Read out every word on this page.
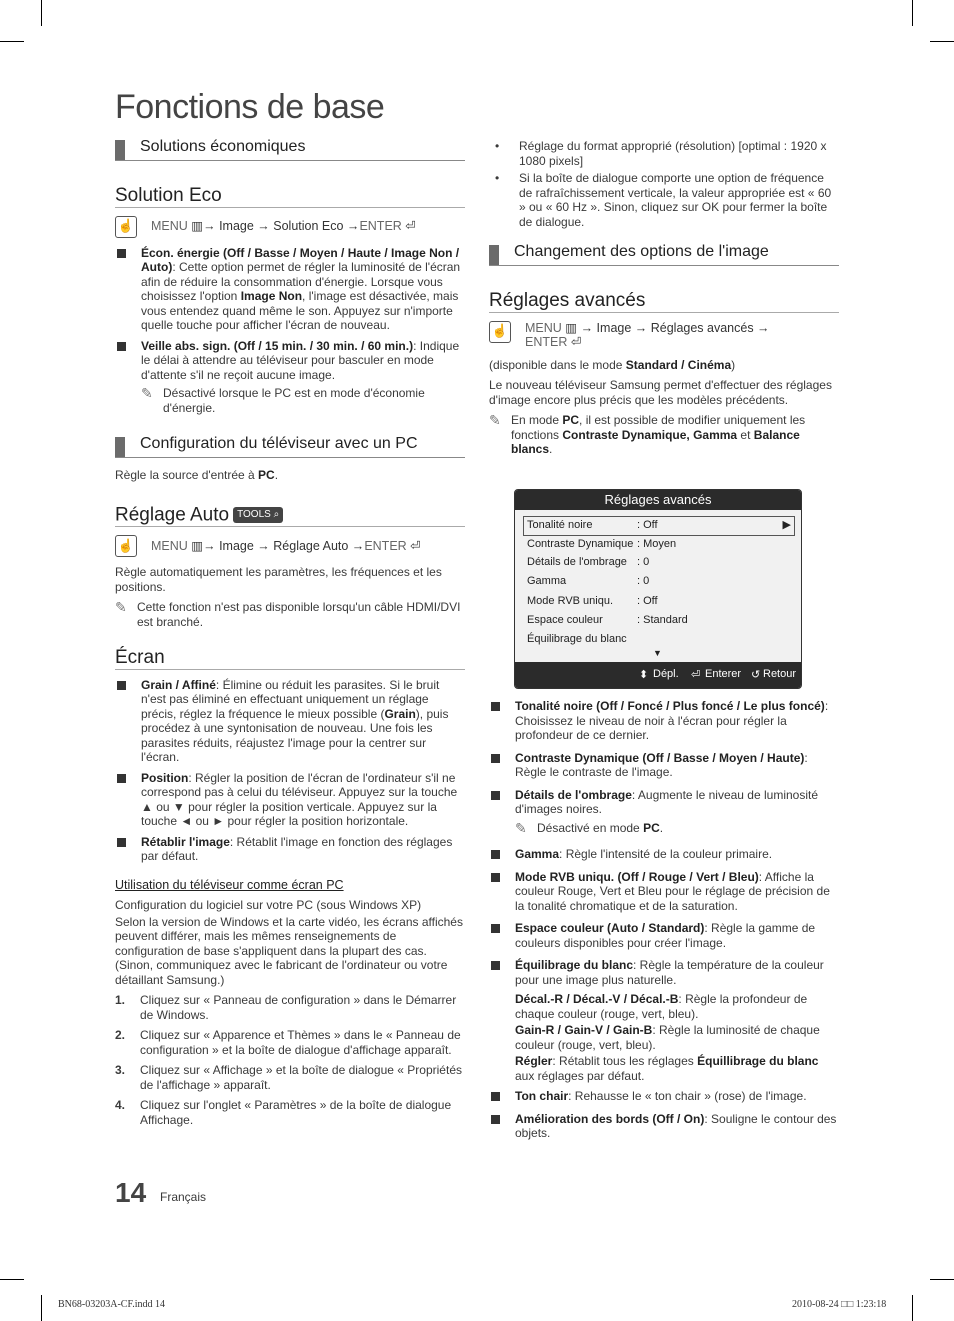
Fonctions de base
Solutions économiques
Solution Eco
☝ MENU ▥ → Image → Solution Eco → ENTER ⏎
Écon. énergie (Off / Basse / Moyen / Haute / Image Non / Auto): Cette option permet de régler la luminosité de l'écran afin de réduire la consommation d'énergie. Lorsque vous choisissez l'option Image Non, l'image est désactivée, mais vous entendez quand même le son. Appuyez sur n'importe quelle touche pour afficher l'écran de nouveau.
Veille abs. sign. (Off / 15 min. / 30 min. / 60 min.): Indique le délai à attendre au téléviseur pour basculer en mode d'attente s'il ne reçoit aucune image.
✎ Désactivé lorsque le PC est en mode d'économie d'énergie.
Configuration du téléviseur avec un PC
Règle la source d'entrée à PC.
Réglage Auto TOOLS ⌕
☝ MENU ▥ → Image → Réglage Auto → ENTER ⏎
Règle automatiquement les paramètres, les fréquences et les positions.
✎ Cette fonction n'est pas disponible lorsqu'un câble HDMI/DVI est branché.
Écran
Grain / Affiné: Élimine ou réduit les parasites. Si le bruit n'est pas éliminé en effectuant uniquement un réglage précis, réglez la fréquence le mieux possible (Grain), puis procédez à une syntonisation de nouveau. Une fois les parasites réduits, réajustez l'image pour la centrer sur l'écran.
Position: Régler la position de l'écran de l'ordinateur s'il ne correspond pas à celui du téléviseur. Appuyez sur la touche ▲ ou ▼ pour régler la position verticale. Appuyez sur la touche ◄ ou ► pour régler la position horizontale.
Rétablir l'image: Rétablit l'image en fonction des réglages par défaut.
Utilisation du téléviseur comme écran PC
Configuration du logiciel sur votre PC (sous Windows XP)
Selon la version de Windows et la carte vidéo, les écrans affichés peuvent différer, mais les mêmes renseignements de configuration de base s'appliquent dans la plupart des cas. (Sinon, communiquez avec le fabricant de l'ordinateur ou votre détaillant Samsung.)
1.	Cliquez sur « Panneau de configuration » dans le Démarrer de Windows.
2.	Cliquez sur « Apparence et Thèmes » dans le « Panneau de configuration » et la boîte de dialogue d'affichage apparaît.
3.	Cliquez sur « Affichage » et la boîte de dialogue « Propriétés de l'affichage » apparaît.
4.	Cliquez sur l'onglet « Paramètres » de la boîte de dialogue Affichage.
•	Réglage du format approprié (résolution) [optimal : 1920 x 1080 pixels]
•	Si la boîte de dialogue comporte une option de fréquence de rafraîchissement verticale, la valeur appropriée est « 60 » ou « 60 Hz ». Sinon, cliquez sur OK pour fermer la boîte de dialogue.
Changement des options de l'image
Réglages avancés
☝ MENU ▥ → Image → Réglages avancés →
ENTER ⏎
(disponible dans le mode Standard / Cinéma)
Le nouveau téléviseur Samsung permet d'effectuer des réglages d'image encore plus précis que les modèles précédents.
✎ En mode PC, il est possible de modifier uniquement les fonctions Contraste Dynamique, Gamma et Balance blancs.
Réglages avancés
Tonalité noire	: Off	▶
Contraste Dynamique : Moyen
Détails de l'ombrage : 0
Gamma	: 0
Mode RVB uniqu.	: Off
Espace couleur	: Standard
Équilibrage du blanc
▼
⬍ Dépl. ⏎ Enterer ↺ Retour
Tonalité noire (Off / Foncé / Plus foncé / Le plus foncé): Choisissez le niveau de noir à l'écran pour régler la profondeur de ce dernier.
Contraste Dynamique (Off / Basse / Moyen / Haute): Règle le contraste de l'image.
Détails de l'ombrage: Augmente le niveau de luminosité d'images noires.
✎ Désactivé en mode PC.
Gamma: Règle l'intensité de la couleur primaire.
Mode RVB uniqu. (Off / Rouge / Vert / Bleu): Affiche la couleur Rouge, Vert et Bleu pour le réglage de précision de la tonalité chromatique et de la saturation.
Espace couleur (Auto / Standard): Règle la gamme de couleurs disponibles pour créer l'image.
Équilibrage du blanc: Règle la température de la couleur pour une image plus naturelle.
Décal.-R / Décal.-V / Décal.-B: Règle la profondeur de chaque couleur (rouge, vert, bleu).
Gain-R / Gain-V / Gain-B: Règle la luminosité de chaque couleur (rouge, vert, bleu).
Régler: Rétablit tous les réglages Équillibrage du blanc aux réglages par défaut.
Ton chair: Rehausse le « ton chair » (rose) de l'image.
Amélioration des bords (Off / On): Souligne le contour des objets.
14 Français
BN68-03203A-CF.indd 14	2010-08-24 □□ 1:23:18
